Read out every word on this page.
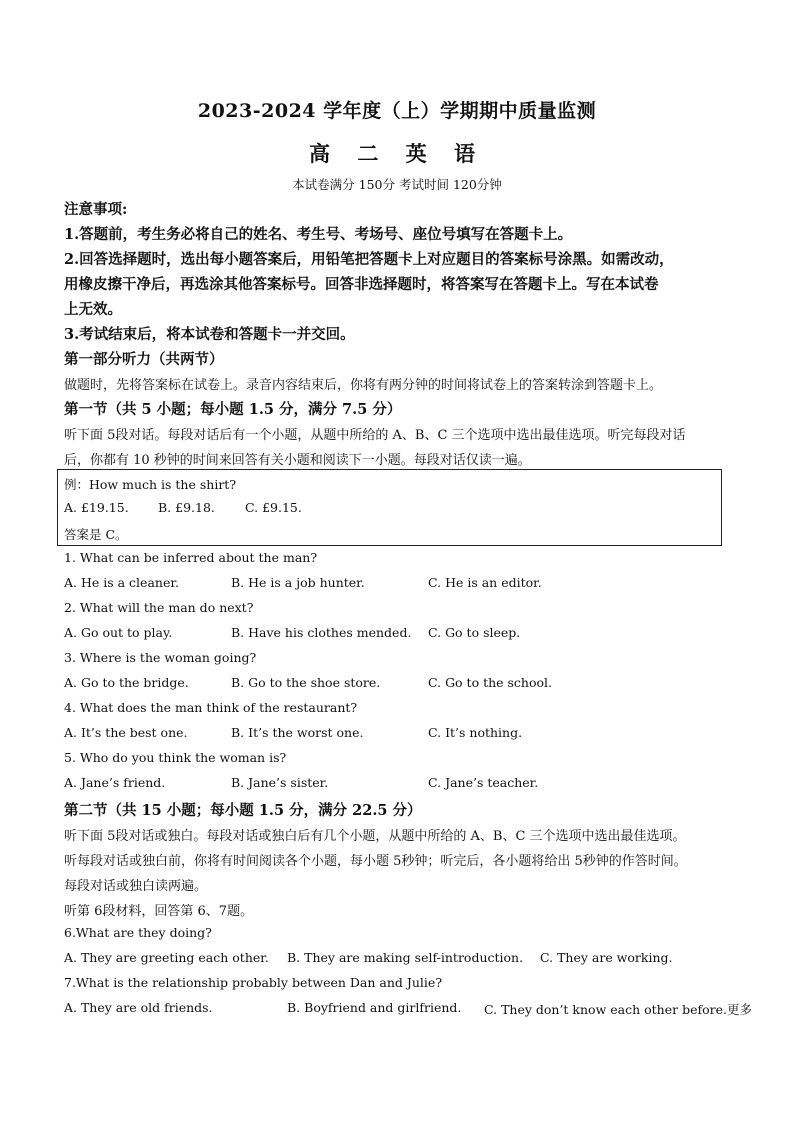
2023-2024 学年度（上）学期期中质量监测
高 二 英 语
本试卷满分 150分 考试时间 120分钟
注意事项:
1.答题前，考生务必将自己的姓名、考生号、考场号、座位号填写在答题卡上。
2.回答选择题时，选出每小题答案后，用铅笔把答题卡上对应题目的答案标号涂黑。如需改动，
用橡皮擦干净后，再选涂其他答案标号。回答非选择题时，将答案写在答题卡上。写在本试卷
上无效。
3.考试结束后，将本试卷和答题卡一并交回。
第一部分听力（共两节）
做题时，先将答案标在试卷上。录音内容结束后，你将有两分钟的时间将试卷上的答案转涂到答题卡上。
第一节（共 5 小题；每小题 1.5 分，满分 7.5 分）
听下面 5段对话。每段对话后有一个小题，从题中所给的 A、B、C 三个选项中选出最佳选项。听完每段对话
后，你都有 10 秒钟的时间来回答有关小题和阅读下一小题。每段对话仅读一遍。
例：How much is the shirt?
A. £19.15. B. £9.18. C. £9.15.
答案是 C。
1. What can be inferred about the man?
A. He is a cleaner.	B. He is a job hunter.	C. He is an editor.
2. What will the man do next?
A. Go out to play.	B. Have his clothes mended. C. Go to sleep.
3. Where is the woman going?
A. Go to the bridge.	B. Go to the shoe store.	C. Go to the school.
4. What does the man think of the restaurant?
A. It’s the best one.	B. It’s the worst one.	C. It’s nothing.
5. Who do you think the woman is?
A. Jane’s friend.	B. Jane’s sister.	C. Jane’s teacher.
第二节（共 15 小题；每小题 1.5 分，满分 22.5 分）
听下面 5段对话或独白。每段对话或独白后有几个小题，从题中所给的 A、B、C 三个选项中选出最佳选项。
听每段对话或独白前，你将有时间阅读各个小题，每小题 5秒钟；听完后，各小题将给出 5秒钟的作答时间。
每段对话或独白读两遍。
听第 6段材料，回答第 6、7题。
6.What are they doing?
A. They are greeting each other. B. They are making self-introduction. C. They are working.
7.What is the relationship probably between Dan and Julie?
A. They are old friends.	B. Boyfriend and girlfriend. C. They don’t know each other before.更多
